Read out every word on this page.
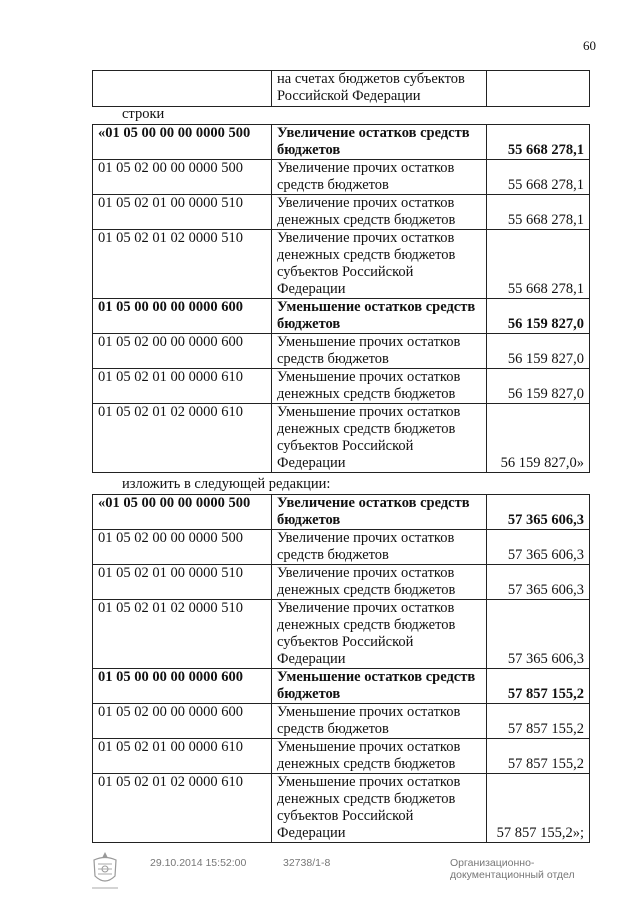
60
	на счетах бюджетов субъектов Российской Федерации	
строки
«01 05 00 00 00 0000 500	Увеличение остатков средств бюджетов	55 668 278,1
01 05 02 00 00 0000 500	Увеличение прочих остатков средств бюджетов	55 668 278,1
01 05 02 01 00 0000 510	Увеличение прочих остатков денежных средств бюджетов	55 668 278,1
01 05 02 01 02 0000 510	Увеличение прочих остатков денежных средств бюджетов субъектов Российской Федерации	55 668 278,1
01 05 00 00 00 0000 600	Уменьшение остатков средств бюджетов	56 159 827,0
01 05 02 00 00 0000 600	Уменьшение прочих остатков средств бюджетов	56 159 827,0
01 05 02 01 00 0000 610	Уменьшение прочих остатков денежных средств бюджетов	56 159 827,0
01 05 02 01 02 0000 610	Уменьшение прочих остатков денежных средств бюджетов субъектов Российской Федерации	56 159 827,0»
изложить в следующей редакции:
«01 05 00 00 00 0000 500	Увеличение остатков средств бюджетов	57 365 606,3
01 05 02 00 00 0000 500	Увеличение прочих остатков средств бюджетов	57 365 606,3
01 05 02 01 00 0000 510	Увеличение прочих остатков денежных средств бюджетов	57 365 606,3
01 05 02 01 02 0000 510	Увеличение прочих остатков денежных средств бюджетов субъектов Российской Федерации	57 365 606,3
01 05 00 00 00 0000 600	Уменьшение остатков средств бюджетов	57 857 155,2
01 05 02 00 00 0000 600	Уменьшение прочих остатков средств бюджетов	57 857 155,2
01 05 02 01 00 0000 610	Уменьшение прочих остатков денежных средств бюджетов	57 857 155,2
01 05 02 01 02 0000 610	Уменьшение прочих остатков денежных средств бюджетов субъектов Российской Федерации	57 857 155,2»;
29.10.2014 15:52:00	32738/1-8	Организационно-документационный отдел
